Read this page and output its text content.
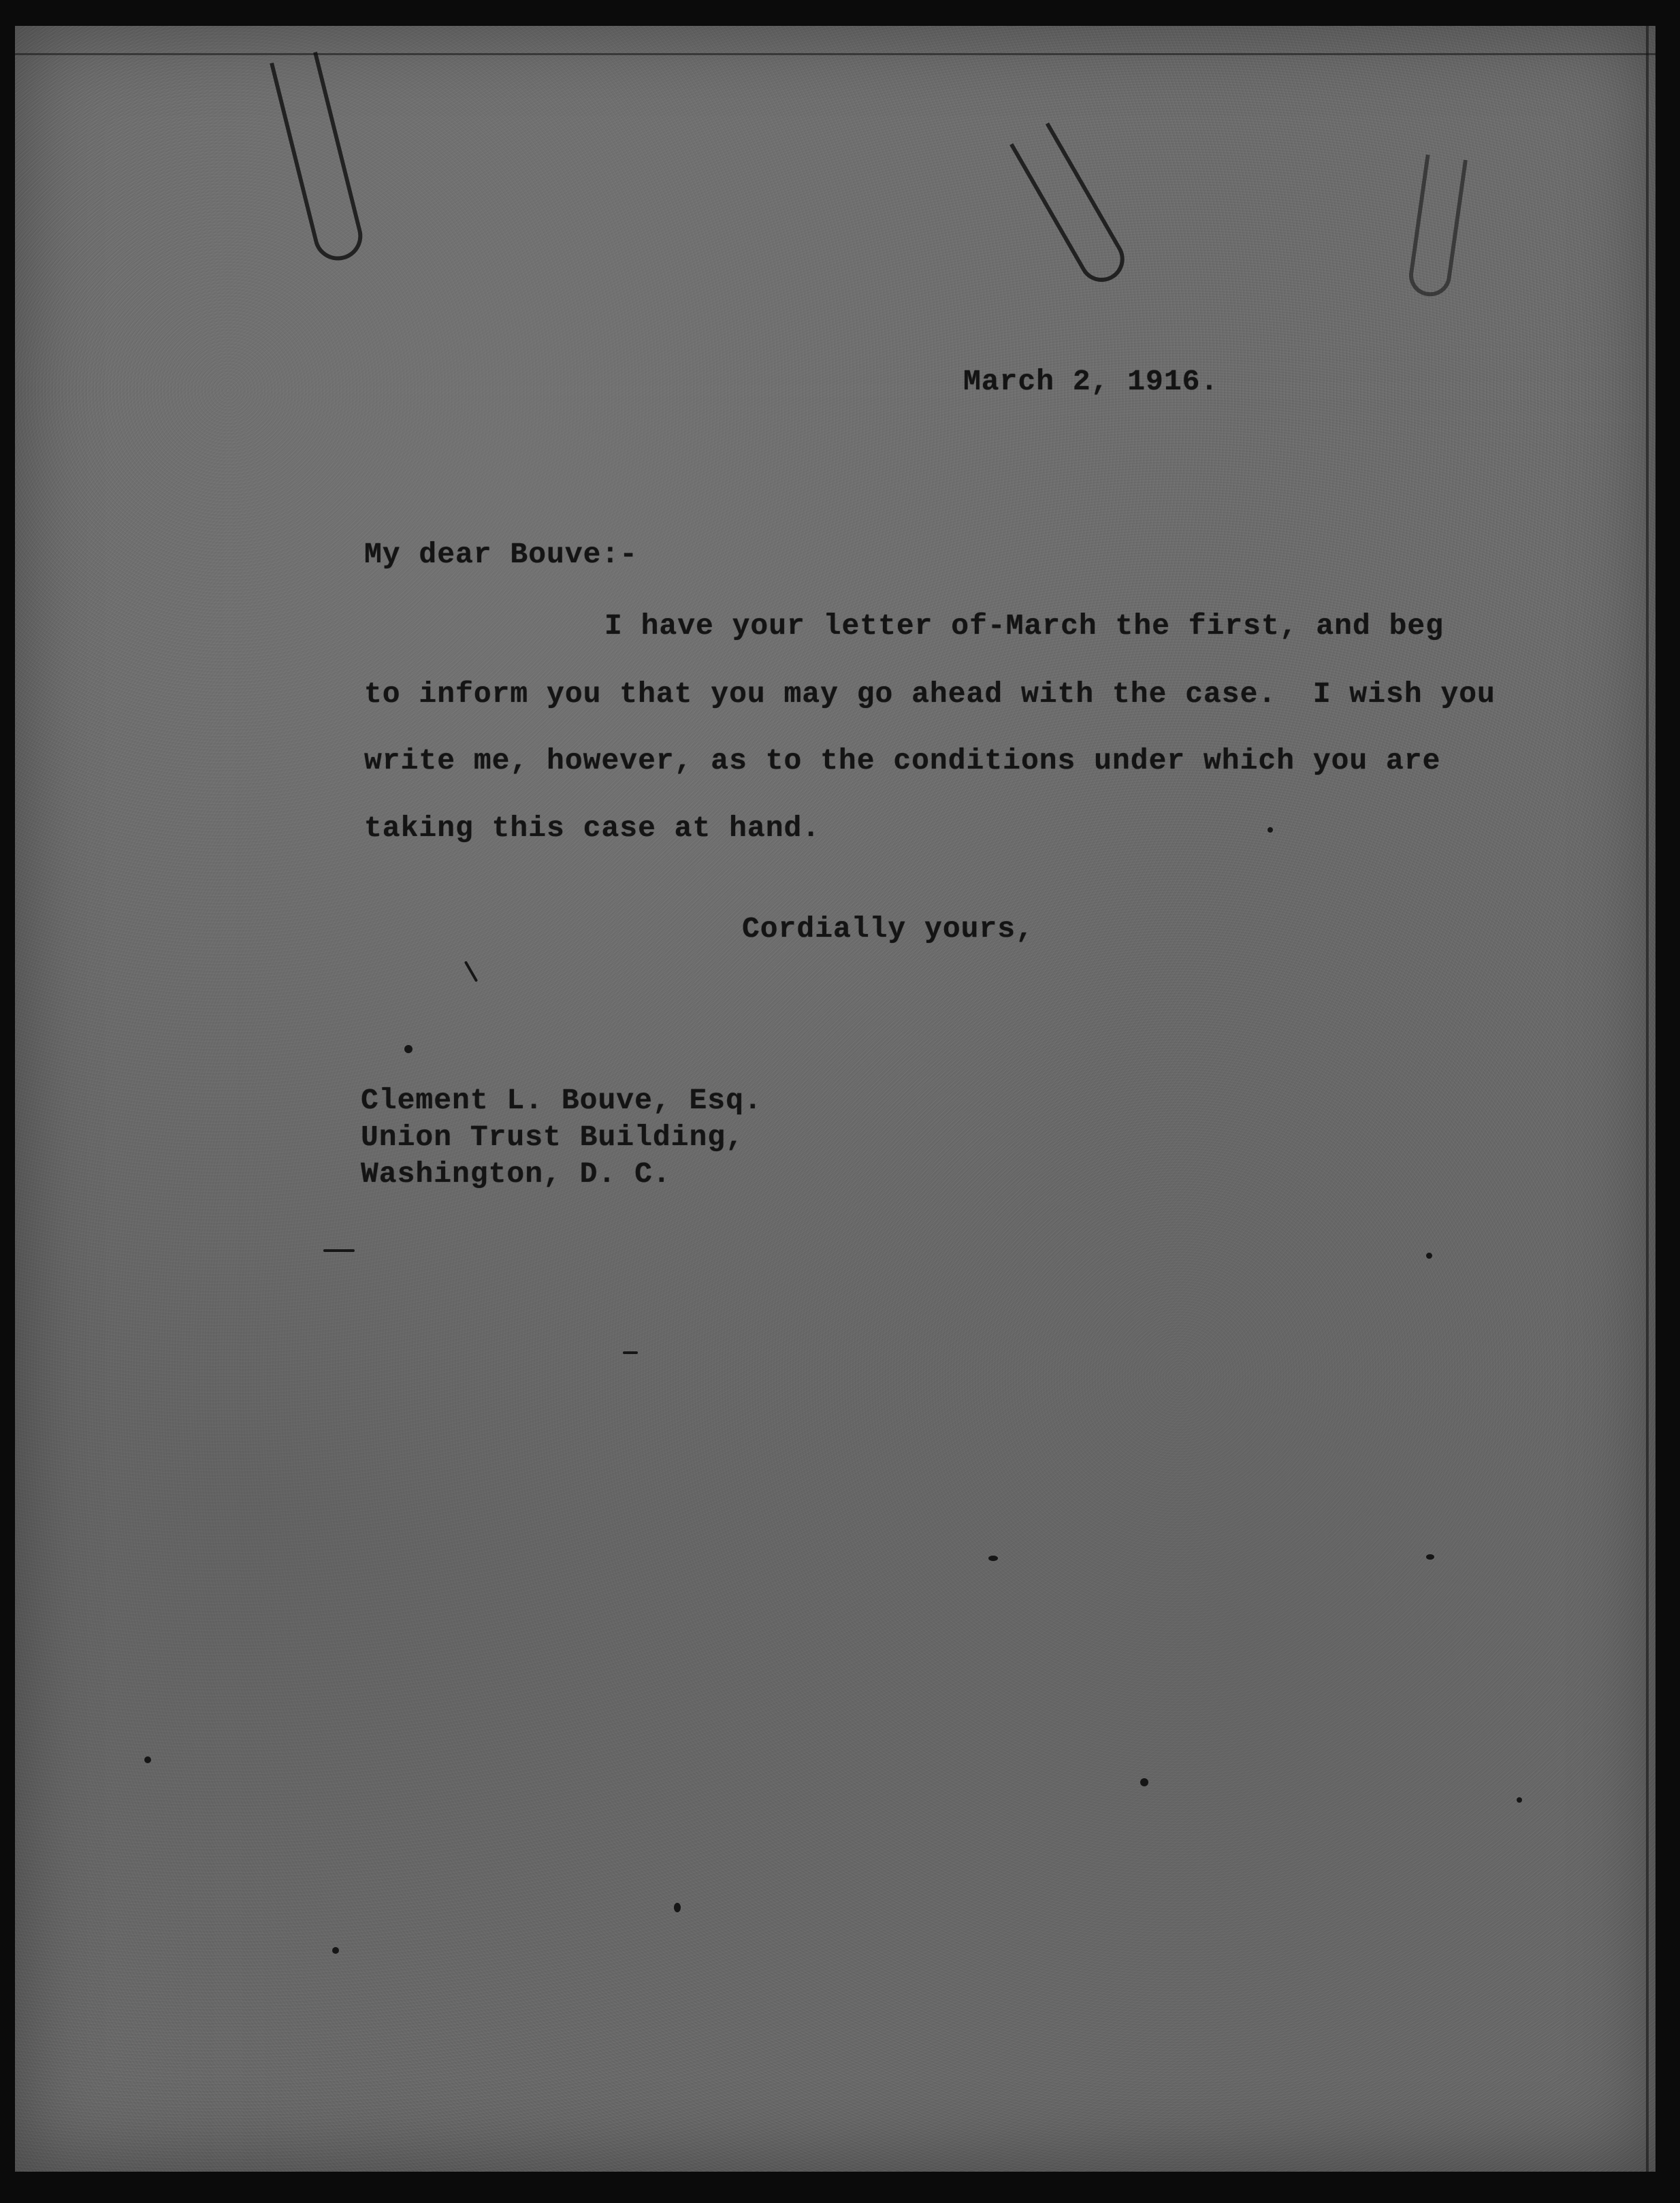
March 2, 1916.

My dear Bouve:-

I have your letter of-March the first, and beg

to inform you that you may go ahead with the case.  I wish you

write me, however, as to the conditions under which you are

taking this case at hand.

Cordially yours,

Clement L. Bouve, Esq.

Union Trust Building,

Washington, D. C.
